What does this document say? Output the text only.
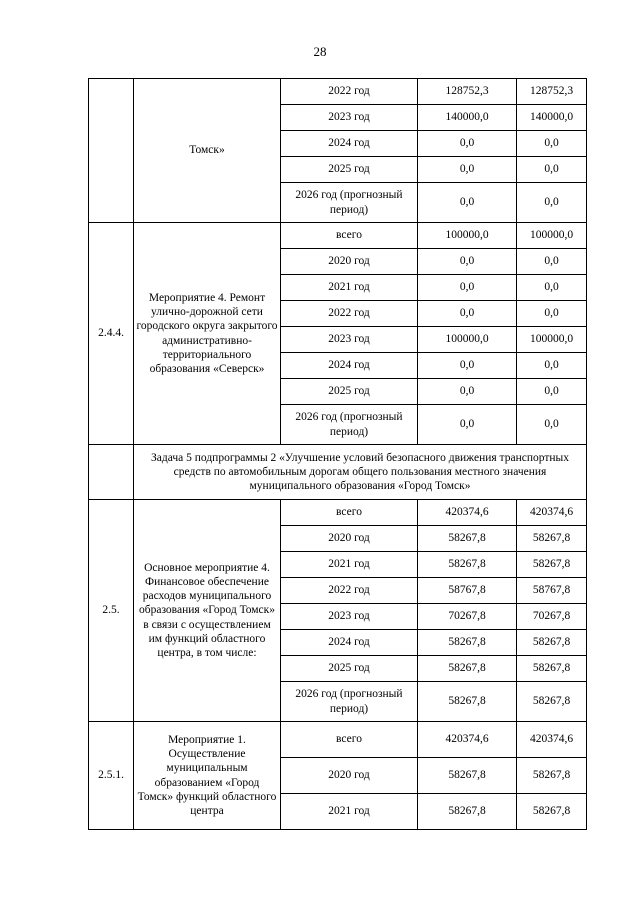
28
	Томск»	2022 год	128752,3	128752,3
		2023 год	140000,0	140000,0
		2024 год	0,0	0,0
		2025 год	0,0	0,0
		2026 год (прогнозный период)	0,0	0,0
2.4.4.	Мероприятие 4. Ремонт улично-дорожной сети городского округа закрытого административно-территориального образования «Северск»	всего	100000,0	100000,0
		2020 год	0,0	0,0
		2021 год	0,0	0,0
		2022 год	0,0	0,0
		2023 год	100000,0	100000,0
		2024 год	0,0	0,0
		2025 год	0,0	0,0
		2026 год (прогнозный период)	0,0	0,0
	Задача 5 подпрограммы 2 «Улучшение условий безопасного движения транспортных средств по автомобильным дорогам общего пользования местного значения муниципального образования «Город Томск»			
2.5.	Основное мероприятие 4. Финансовое обеспечение расходов муниципального образования «Город Томск» в связи с осуществлением им функций областного центра, в том числе:	всего	420374,6	420374,6
		2020 год	58267,8	58267,8
		2021 год	58267,8	58267,8
		2022 год	58767,8	58767,8
		2023 год	70267,8	70267,8
		2024 год	58267,8	58267,8
		2025 год	58267,8	58267,8
		2026 год (прогнозный период)	58267,8	58267,8
2.5.1.	Мероприятие 1. Осуществление муниципальным образованием «Город Томск» функций областного центра	всего	420374,6	420374,6
		2020 год	58267,8	58267,8
		2021 год	58267,8	58267,8
